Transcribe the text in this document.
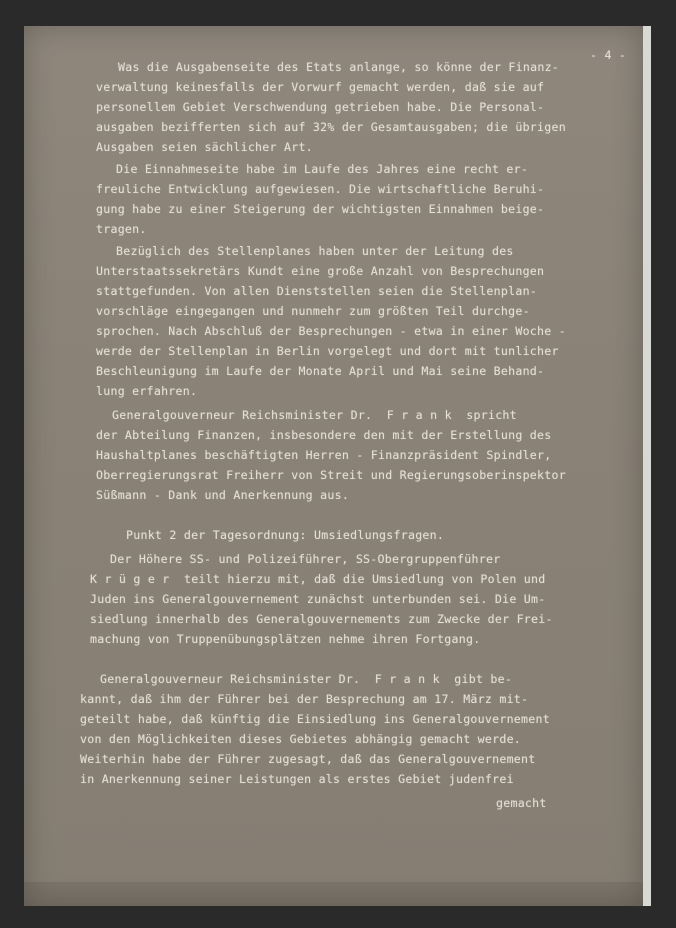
- 4 -
Was die Ausgabenseite des Etats anlange, so könne der Finanz-
verwaltung keinesfalls der Vorwurf gemacht werden, daß sie auf
personellem Gebiet Verschwendung getrieben habe. Die Personal-
ausgaben bezifferten sich auf 32% der Gesamtausgaben; die übrigen
Ausgaben seien sächlicher Art.
Die Einnahmeseite habe im Laufe des Jahres eine recht er-
freuliche Entwicklung aufgewiesen. Die wirtschaftliche Beruhi-
gung habe zu einer Steigerung der wichtigsten Einnahmen beige-
tragen.
Bezüglich des Stellenplanes haben unter der Leitung des
Unterstaatssekretärs Kundt eine große Anzahl von Besprechungen
stattgefunden. Von allen Dienststellen seien die Stellenplan-
vorschläge eingegangen und nunmehr zum größten Teil durchge-
sprochen. Nach Abschluß der Besprechungen - etwa in einer Woche -
werde der Stellenplan in Berlin vorgelegt und dort mit tunlicher
Beschleunigung im Laufe der Monate April und Mai seine Behand-
lung erfahren.
Generalgouverneur Reichsminister Dr.  F r a n k  spricht
der Abteilung Finanzen, insbesondere den mit der Erstellung des
Haushaltplanes beschäftigten Herren - Finanzpräsident Spindler,
Oberregierungsrat Freiherr von Streit und Regierungsoberinspektor
Süßmann - Dank und Anerkennung aus.
Punkt 2 der Tagesordnung: Umsiedlungsfragen.
Der Höhere SS- und Polizeiführer, SS-Obergruppenführer
K r ü g e r  teilt hierzu mit, daß die Umsiedlung von Polen und
Juden ins Generalgouvernement zunächst unterbunden sei. Die Um-
siedlung innerhalb des Generalgouvernements zum Zwecke der Frei-
machung von Truppenübungsplätzen nehme ihren Fortgang.
Generalgouverneur Reichsminister Dr.  F r a n k  gibt be-
kannt, daß ihm der Führer bei der Besprechung am 17. März mit-
geteilt habe, daß künftig die Einsiedlung ins Generalgouvernement
von den Möglichkeiten dieses Gebietes abhängig gemacht werde.
Weiterhin habe der Führer zugesagt, daß das Generalgouvernement
in Anerkennung seiner Leistungen als erstes Gebiet judenfrei
gemacht
